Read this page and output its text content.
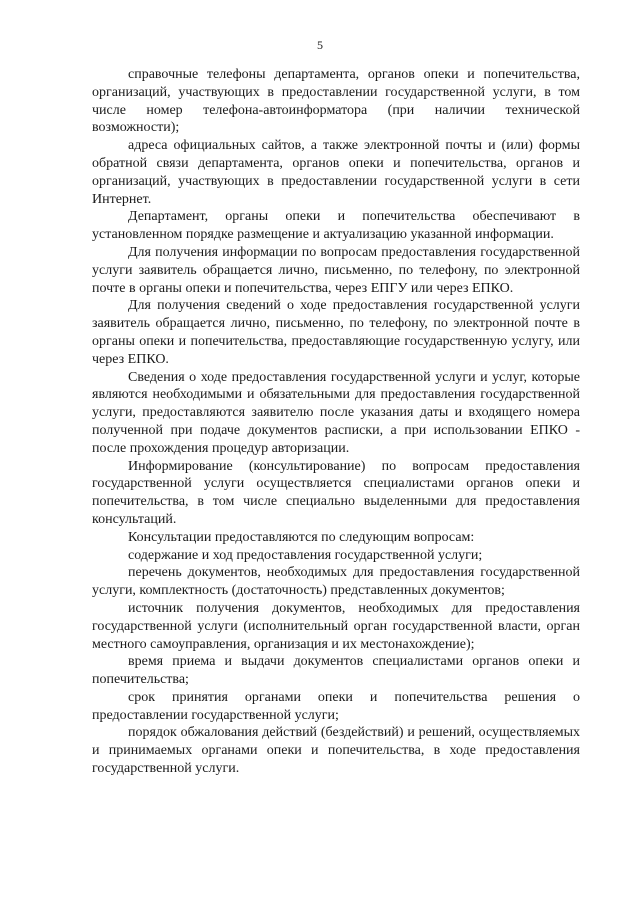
5

справочные телефоны департамента, органов опеки и попечительства, организаций, участвующих в предоставлении государственной услуги, в том числе номер телефона-автоинформатора (при наличии технической возможности);

адреса официальных сайтов, а также электронной почты и (или) формы обратной связи департамента, органов опеки и попечительства, органов и организаций, участвующих в предоставлении государственной услуги в сети Интернет.

Департамент, органы опеки и попечительства обеспечивают в установленном порядке размещение и актуализацию указанной информации.

Для получения информации по вопросам предоставления государственной услуги заявитель обращается лично, письменно, по телефону, по электронной почте в органы опеки и попечительства, через ЕПГУ или через ЕПКО.

Для получения сведений о ходе предоставления государственной услуги заявитель обращается лично, письменно, по телефону, по электронной почте в органы опеки и попечительства, предоставляющие государственную услугу, или через ЕПКО.

Сведения о ходе предоставления государственной услуги и услуг, которые являются необходимыми и обязательными для предоставления государственной услуги, предоставляются заявителю после указания даты и входящего номера полученной при подаче документов расписки, а при использовании ЕПКО - после прохождения процедур авторизации.

Информирование (консультирование) по вопросам предоставления государственной услуги осуществляется специалистами органов опеки и попечительства, в том числе специально выделенными для предоставления консультаций.

Консультации предоставляются по следующим вопросам:

содержание и ход предоставления государственной услуги;

перечень документов, необходимых для предоставления государственной услуги, комплектность (достаточность) представленных документов;

источник получения документов, необходимых для предоставления государственной услуги (исполнительный орган государственной власти, орган местного самоуправления, организация и их местонахождение);

время приема и выдачи документов специалистами органов опеки и попечительства;

срок принятия органами опеки и попечительства решения о предоставлении государственной услуги;

порядок обжалования действий (бездействий) и решений, осуществляемых и принимаемых органами опеки и попечительства, в ходе предоставления государственной услуги.
